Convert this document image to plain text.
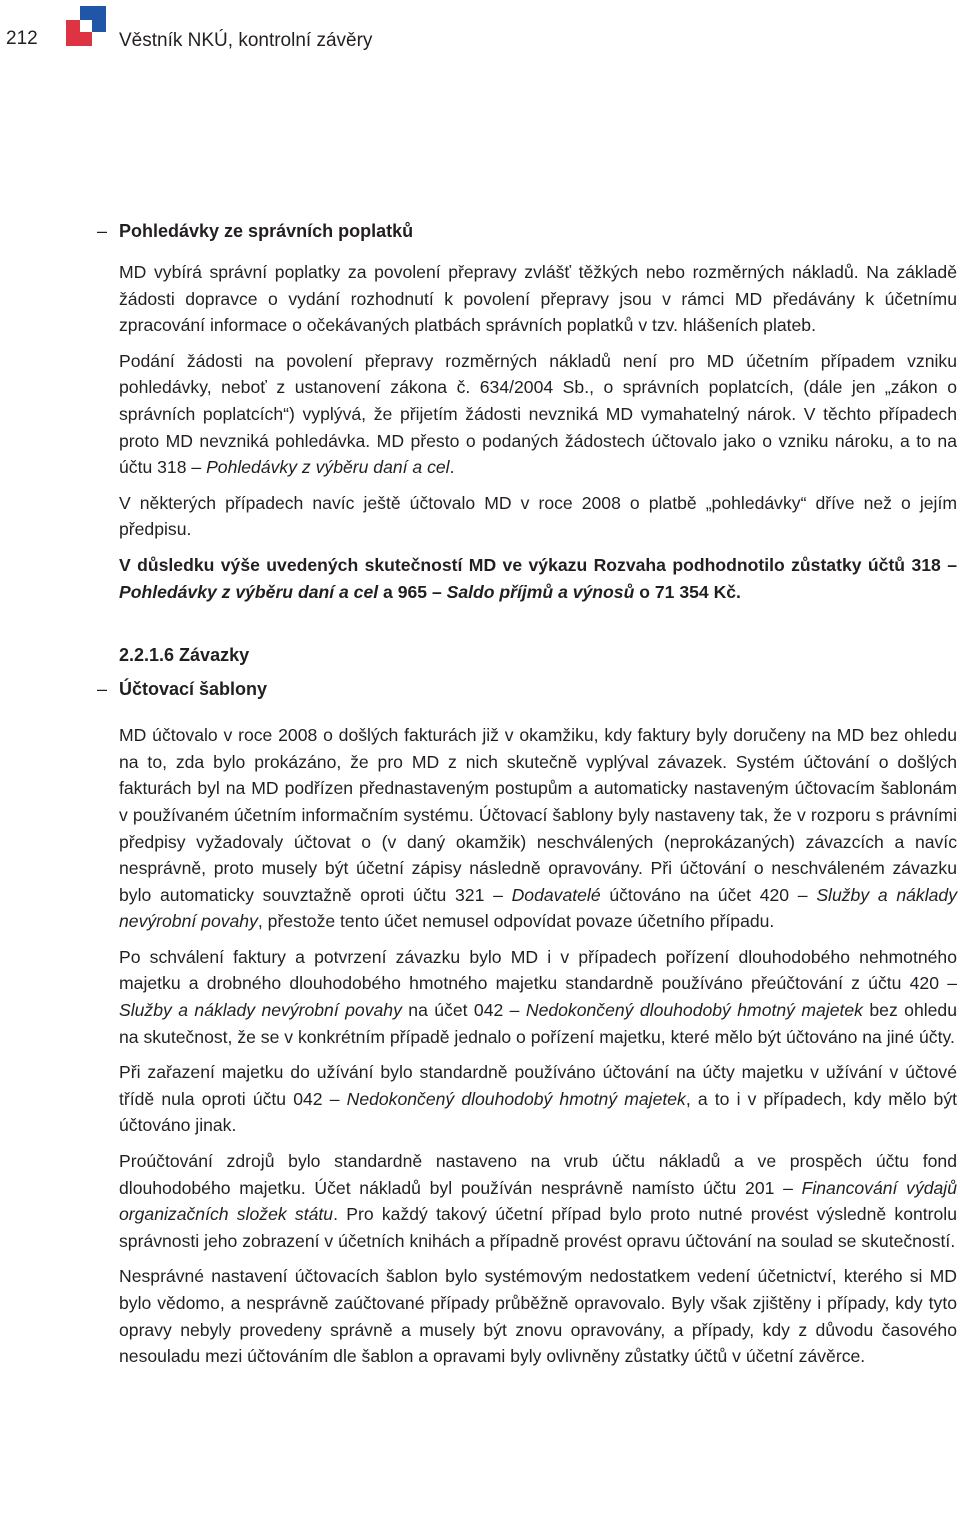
212	Věstník NKÚ, kontrolní závěry
– Pohledávky ze správních poplatků

MD vybírá správní poplatky za povolení přepravy zvlášť těžkých nebo rozměrných nákladů. Na základě žádosti dopravce o vydání rozhodnutí k povolení přepravy jsou v rámci MD předávány k účetnímu zpracování informace o očekávaných platbách správních poplatků v tzv. hlášeních plateb.

Podání žádosti na povolení přepravy rozměrných nákladů není pro MD účetním případem vzniku pohledávky, neboť z ustanovení zákona č. 634/2004 Sb., o správních poplatcích, (dále jen „zákon o správních poplatcích“) vyplývá, že přijetím žádosti nevzniká MD vymahatelný nárok. V těchto případech proto MD nevzniká pohledávka. MD přesto o podaných žádostech účtovalo jako o vzniku nároku, a to na účtu 318 – Pohledávky z výběru daní a cel.

V některých případech navíc ještě účtovalo MD v roce 2008 o platbě „pohledávky“ dříve než o jejím předpisu.

V důsledku výše uvedených skutečností MD ve výkazu Rozvaha podhodnotilo zůstatky účtů 318 – Pohledávky z výběru daní a cel a 965 – Saldo příjmů a výnosů o 71 354 Kč.

2.2.1.6 Závazky
– Účtovací šablony

MD účtovalo v roce 2008 o došlých fakturách již v okamžiku, kdy faktury byly doručeny na MD bez ohledu na to, zda bylo prokázáno, že pro MD z nich skutečně vyplýval závazek. Systém účtování o došlých fakturách byl na MD podřízen přednastaveným postupům a automaticky nastaveným účtovacím šablonám v používaném účetním informačním systému. Účtovací šablony byly nastaveny tak, že v rozporu s právními předpisy vyžadovaly účtovat o (v daný okamžik) neschválených (neprokázaných) závazcích a navíc nesprávně, proto musely být účetní zápisy následně opravovány. Při účtování o neschváleném závazku bylo automaticky souvztažně oproti účtu 321 – Dodavatelé účtováno na účet 420 – Služby a náklady nevýrobní povahy, přestože tento účet nemusel odpovídat povaze účetního případu.

Po schválení faktury a potvrzení závazku bylo MD i v případech pořízení dlouhodobého nehmotného majetku a drobného dlouhodobého hmotného majetku standardně používáno přeúčtování z účtu 420 – Služby a náklady nevýrobní povahy na účet 042 – Nedokončený dlouhodobý hmotný majetek bez ohledu na skutečnost, že se v konkrétním případě jednalo o pořízení majetku, které mělo být účtováno na jiné účty.

Při zařazení majetku do užívání bylo standardně používáno účtování na účty majetku v užívání v účtové třídě nula oproti účtu 042 – Nedokončený dlouhodobý hmotný majetek, a to i v případech, kdy mělo být účtováno jinak.

Proúčtování zdrojů bylo standardně nastaveno na vrub účtu nákladů a ve prospěch účtu fond dlouhodobého majetku. Účet nákladů byl používán nesprávně namísto účtu 201 – Financování výdajů organizačních složek státu. Pro každý takový účetní případ bylo proto nutné provést výsledně kontrolu správnosti jeho zobrazení v účetních knihách a případně provést opravu účtování na soulad se skutečností.

Nesprávné nastavení účtovacích šablon bylo systémovým nedostatkem vedení účetnictví, kterého si MD bylo vědomo, a nesprávně zaúčtované případy průběžně opravovalo. Byly však zjištěny i případy, kdy tyto opravy nebyly provedeny správně a musely být znovu opravovány, a případy, kdy z důvodu časového nesouladu mezi účtováním dle šablon a opravami byly ovlivněny zůstatky účtů v účetní závěrce.
